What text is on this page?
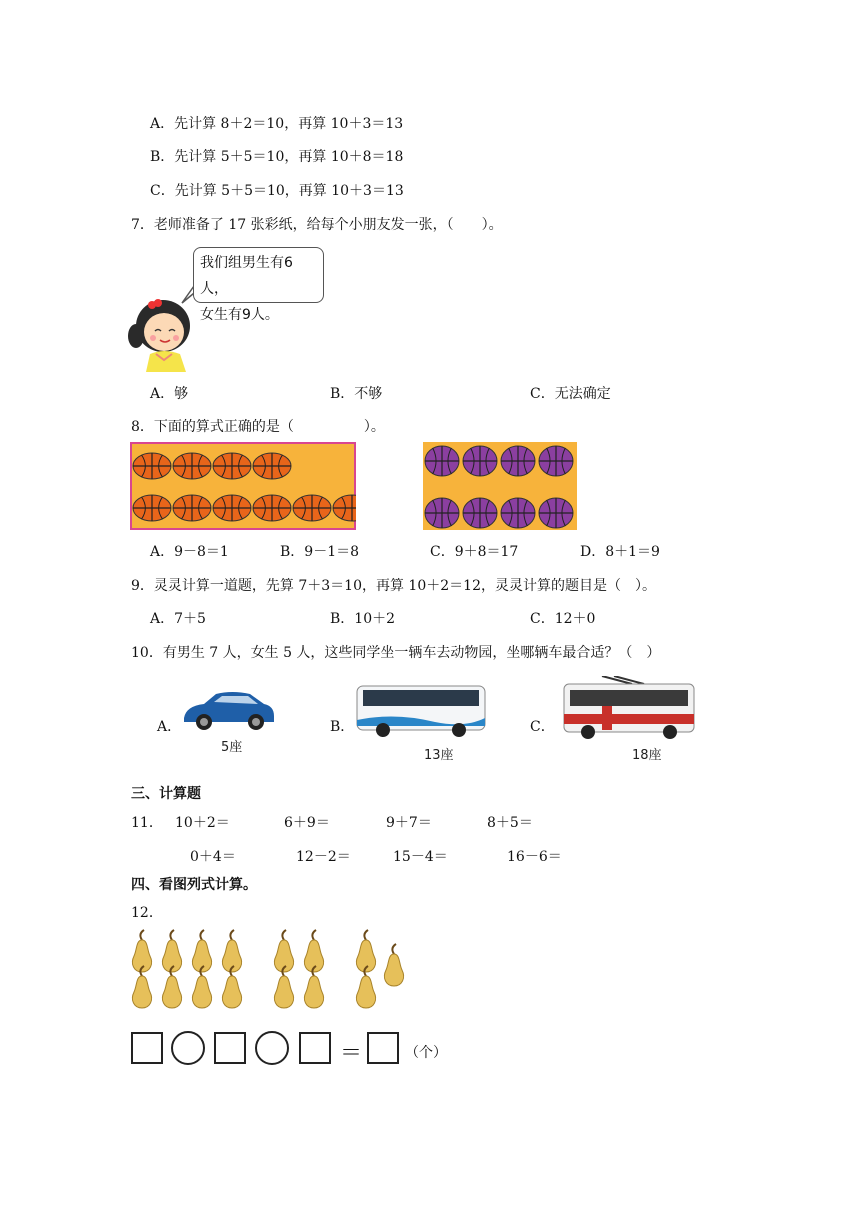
A．先计算 8＋2＝10，再算 10＋3＝13
B．先计算 5＋5＝10，再算 10＋8＝18
C．先计算 5＋5＝10，再算 10＋3＝13
7．老师准备了 17 张彩纸，给每个小朋友发一张，（　　）。
我们组男生有6人，
女生有9人。
A．够	B．不够	C．无法确定
8．下面的算式正确的是（　　　　　）。
A．9－8＝1	B．9－1＝8	C．9＋8＝17	D．8＋1＝9
9．灵灵计算一道题，先算 7＋3＝10，再算 10＋2＝12，灵灵计算的题目是（　）。
A．7＋5	B．10＋2	C．12＋0
10．有男生 7 人，女生 5 人，这些同学坐一辆车去动物园，坐哪辆车最合适？（　）
A．
5座
B．
13座
C．
18座
三、计算题
11． 10＋2＝	6＋9＝	9＋7＝	8＋5＝
0＋4＝	12－2＝	15－4＝	16－6＝
四、看图列式计算。
12．
＝	（个）
